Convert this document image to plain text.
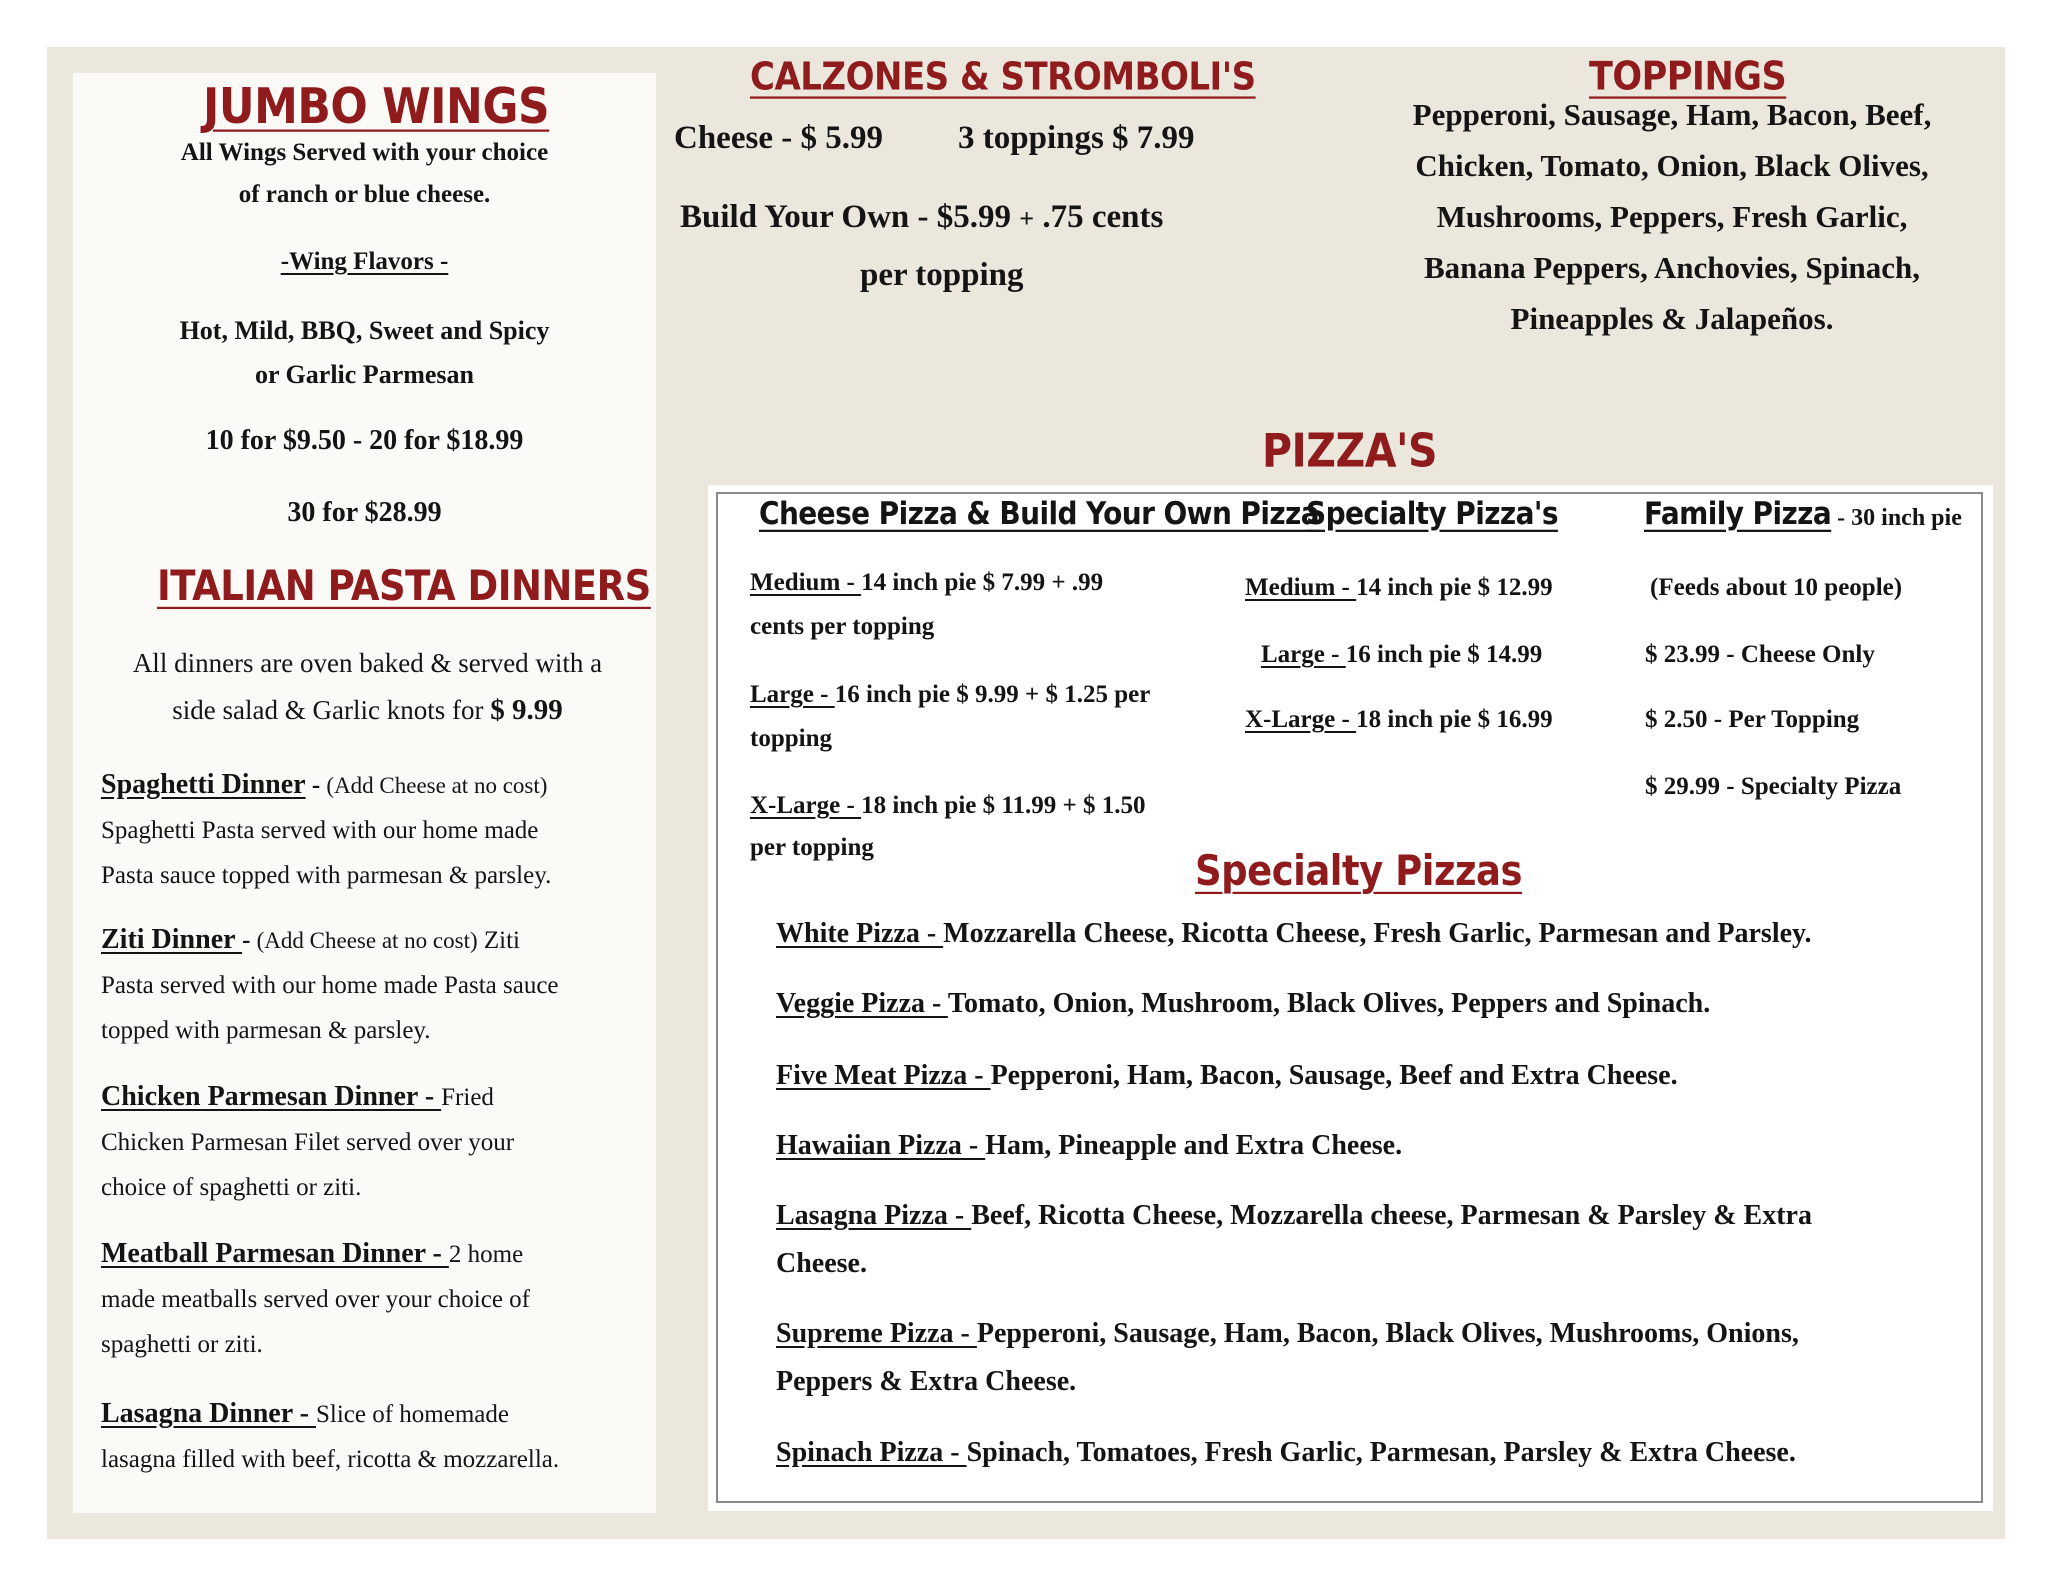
JUMBO WINGS
All Wings Served with your choice
of ranch or blue cheese.
-Wing Flavors -
Hot, Mild, BBQ, Sweet and Spicy
or Garlic Parmesan
10 for $9.50 - 20 for $18.99
30 for $28.99
ITALIAN PASTA DINNERS
All dinners are oven baked & served with a
side salad & Garlic knots for $ 9.99
Spaghetti Dinner - (Add Cheese at no cost)
Spaghetti Pasta served with our home made
Pasta sauce topped with parmesan & parsley.
Ziti Dinner - (Add Cheese at no cost) Ziti
Pasta served with our home made Pasta sauce
topped with parmesan & parsley.
Chicken Parmesan Dinner - Fried
Chicken Parmesan Filet served over your
choice of spaghetti or ziti.
Meatball Parmesan Dinner - 2 home
made meatballs served over your choice of
spaghetti or ziti.
Lasagna Dinner - Slice of homemade
lasagna filled with beef, ricotta & mozzarella.
CALZONES & STROMBOLI'S
Cheese - $ 5.99 3 toppings $ 7.99
Build Your Own - $5.99 + .75 cents
per topping
TOPPINGS
Pepperoni, Sausage, Ham, Bacon, Beef,
Chicken, Tomato, Onion, Black Olives,
Mushrooms, Peppers, Fresh Garlic,
Banana Peppers, Anchovies, Spinach,
Pineapples & Jalapeños.
PIZZA'S
Cheese Pizza & Build Your Own Pizza
Medium - 14 inch pie $ 7.99 + .99
cents per topping
Large - 16 inch pie $ 9.99 + $ 1.25 per
topping
X-Large - 18 inch pie $ 11.99 + $ 1.50
per topping
Specialty Pizza's
Medium - 14 inch pie $ 12.99
Large - 16 inch pie $ 14.99
X-Large - 18 inch pie $ 16.99
Family Pizza - 30 inch pie
(Feeds about 10 people)
$ 23.99 - Cheese Only
$ 2.50 - Per Topping
$ 29.99 - Specialty Pizza
Specialty Pizzas
White Pizza - Mozzarella Cheese, Ricotta Cheese, Fresh Garlic, Parmesan and Parsley.
Veggie Pizza - Tomato, Onion, Mushroom, Black Olives, Peppers and Spinach.
Five Meat Pizza - Pepperoni, Ham, Bacon, Sausage, Beef and Extra Cheese.
Hawaiian Pizza - Ham, Pineapple and Extra Cheese.
Lasagna Pizza - Beef, Ricotta Cheese, Mozzarella cheese, Parmesan & Parsley & Extra
Cheese.
Supreme Pizza - Pepperoni, Sausage, Ham, Bacon, Black Olives, Mushrooms, Onions,
Peppers & Extra Cheese.
Spinach Pizza - Spinach, Tomatoes, Fresh Garlic, Parmesan, Parsley & Extra Cheese.
